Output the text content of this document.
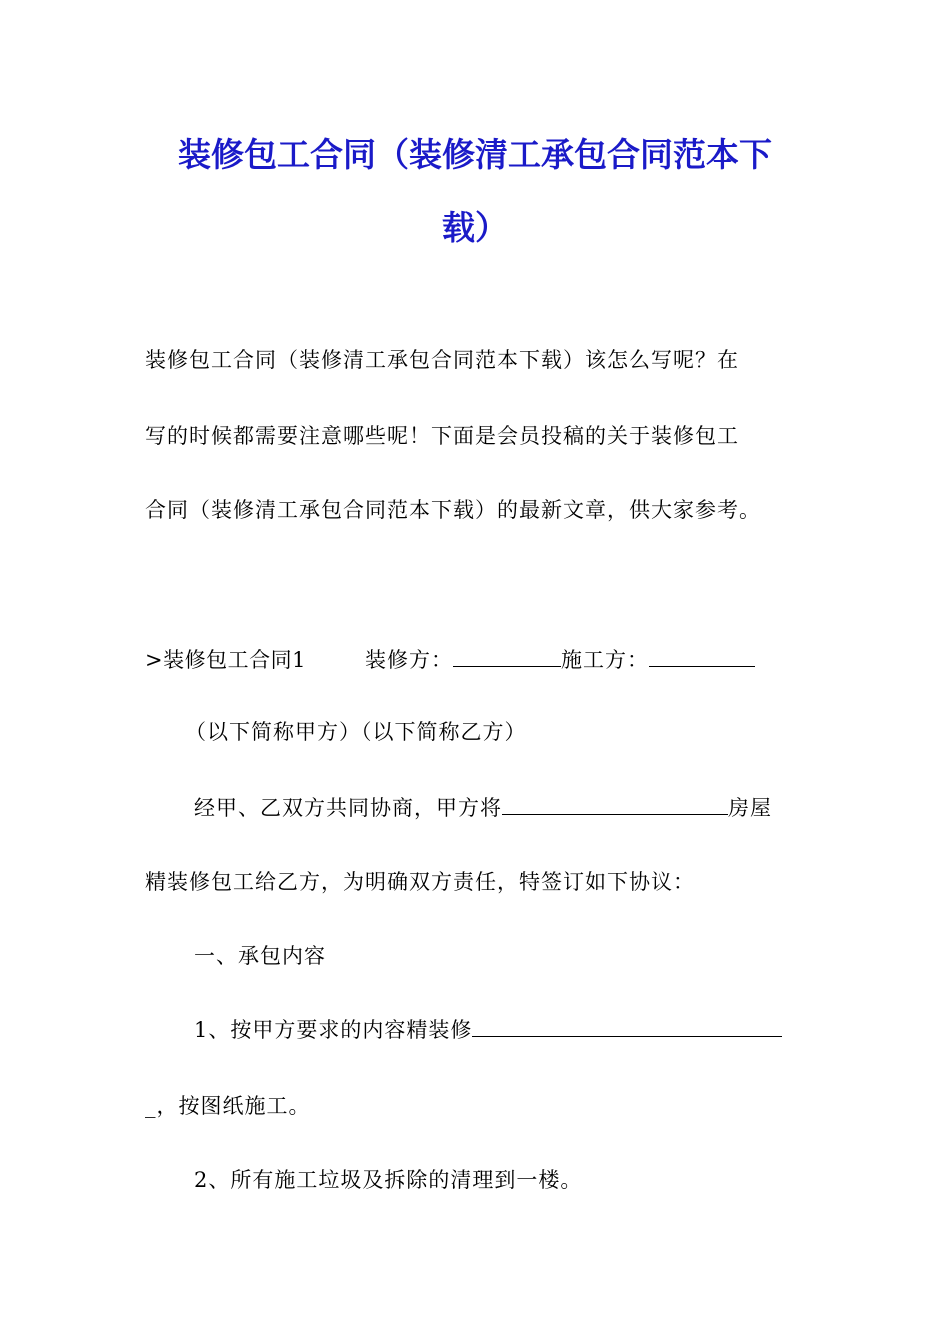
装修包工合同（装修清工承包合同范本下
载）
装修包工合同（装修清工承包合同范本下载）该怎么写呢？在
写的时候都需要注意哪些呢！下面是会员投稿的关于装修包工
合同（装修清工承包合同范本下载）的最新文章，供大家参考。
>装修包工合同1	装修方：	施工方：
（以下简称甲方）（以下简称乙方）
经甲、乙双方共同协商，甲方将	房屋
精装修包工给乙方，为明确双方责任，特签订如下协议：
一、承包内容
1、按甲方要求的内容精装修
_，按图纸施工。
2、所有施工垃圾及拆除的清理到一楼。
